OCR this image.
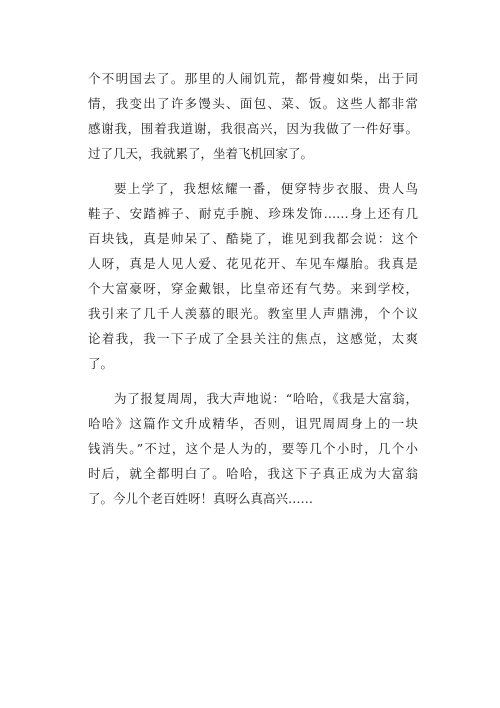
个不明国去了。那里的人闹饥荒，都骨瘦如柴，出于同
情，我变出了许多馒头、面包、菜、饭。这些人都非常
感谢我，围着我道谢，我很高兴，因为我做了一件好事。
过了几天，我就累了，坐着飞机回家了。
要上学了，我想炫耀一番，便穿特步衣服、贵人鸟
鞋子、安踏裤子、耐克手腕、珍珠发饰……身上还有几
百块钱，真是帅呆了、酷毙了，谁见到我都会说：这个
人呀，真是人见人爱、花见花开、车见车爆胎。我真是
个大富豪呀，穿金戴银，比皇帝还有气势。来到学校，
我引来了几千人羡慕的眼光。教室里人声鼎沸，个个议
论着我，我一下子成了全县关注的焦点，这感觉，太爽
了。
为了报复周周，我大声地说：“哈哈，《我是大富翁，
哈哈》这篇作文升成精华，否则，诅咒周周身上的一块
钱消失。”不过，这个是人为的，要等几个小时，几个小
时后，就全都明白了。哈哈，我这下子真正成为大富翁
了。今儿个老百姓呀！真呀么真高兴……
